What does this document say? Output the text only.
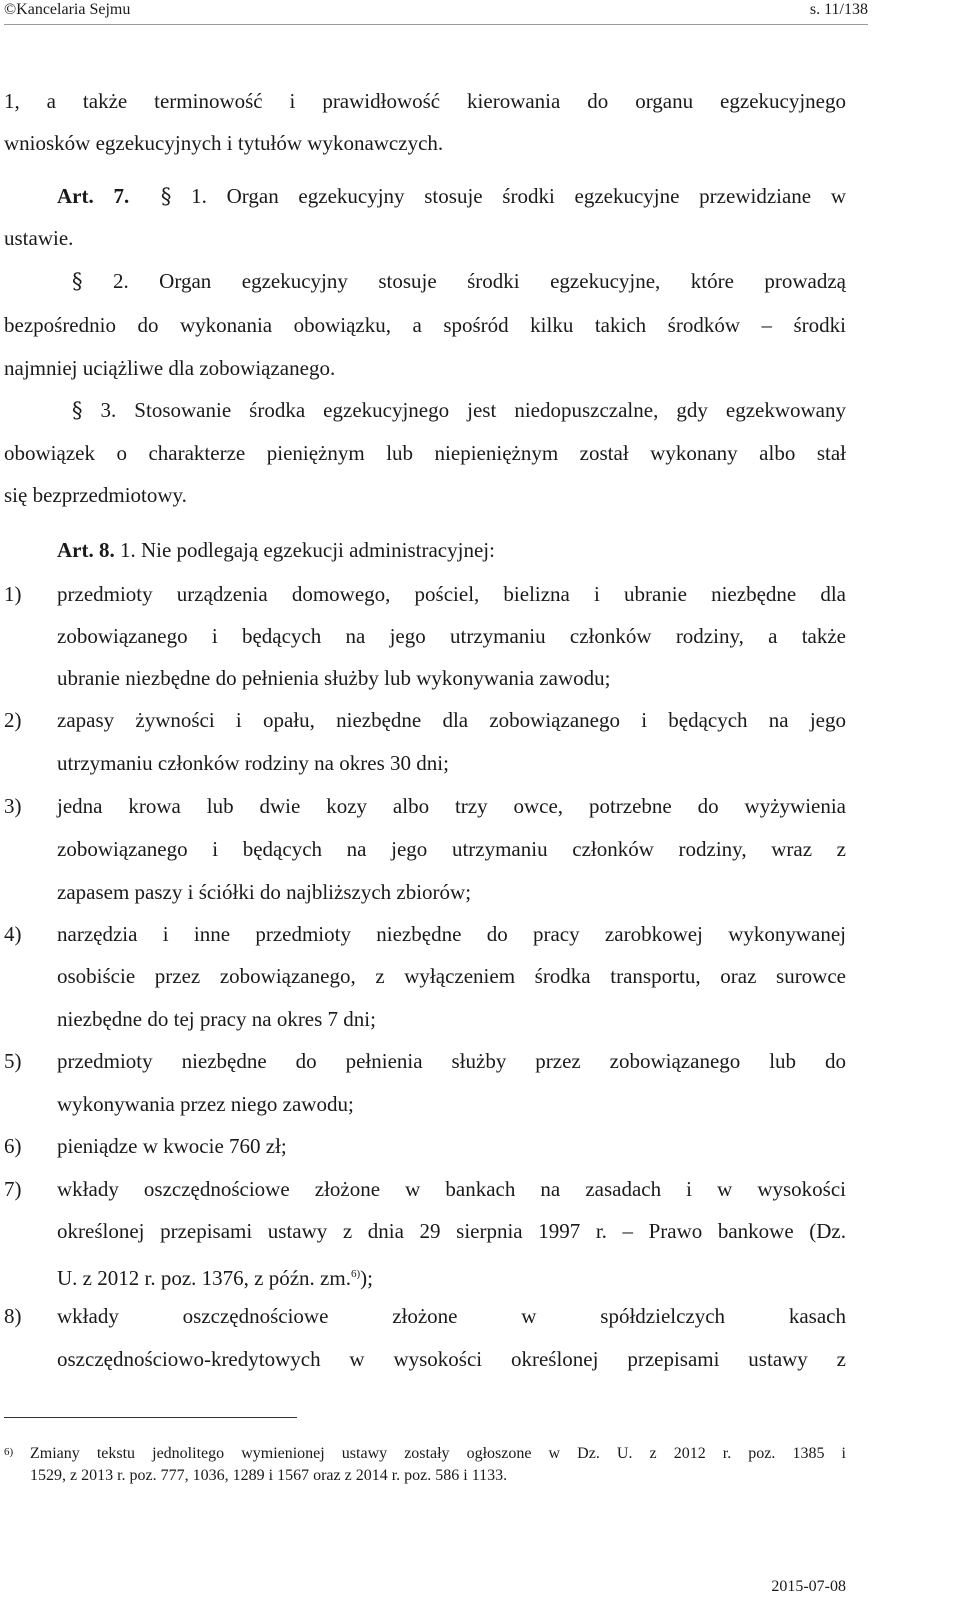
©Kancelaria Sejmu	s. 11/138
1, a także terminowość i prawidłowość kierowania do organu egzekucyjnego
wniosków egzekucyjnych i tytułów wykonawczych.
Art. 7. § 1. Organ egzekucyjny stosuje środki egzekucyjne przewidziane w
ustawie.
§ 2. Organ egzekucyjny stosuje środki egzekucyjne, które prowadzą
bezpośrednio do wykonania obowiązku, a spośród kilku takich środków – środki
najmniej uciążliwe dla zobowiązanego.
§ 3. Stosowanie środka egzekucyjnego jest niedopuszczalne, gdy egzekwowany
obowiązek o charakterze pieniężnym lub niepieniężnym został wykonany albo stał
się bezprzedmiotowy.
Art. 8. 1. Nie podlegają egzekucji administracyjnej:
1) przedmioty urządzenia domowego, pościel, bielizna i ubranie niezbędne dla
zobowiązanego i będących na jego utrzymaniu członków rodziny, a także
ubranie niezbędne do pełnienia służby lub wykonywania zawodu;
2) zapasy żywności i opału, niezbędne dla zobowiązanego i będących na jego
utrzymaniu członków rodziny na okres 30 dni;
3) jedna krowa lub dwie kozy albo trzy owce, potrzebne do wyżywienia
zobowiązanego i będących na jego utrzymaniu członków rodziny, wraz z
zapasem paszy i ściółki do najbliższych zbiorów;
4) narzędzia i inne przedmioty niezbędne do pracy zarobkowej wykonywanej
osobiście przez zobowiązanego, z wyłączeniem środka transportu, oraz surowce
niezbędne do tej pracy na okres 7 dni;
5) przedmioty niezbędne do pełnienia służby przez zobowiązanego lub do
wykonywania przez niego zawodu;
6) pieniądze w kwocie 760 zł;
7) wkłady oszczędnościowe złożone w bankach na zasadach i w wysokości
określonej przepisami ustawy z dnia 29 sierpnia 1997 r. – Prawo bankowe (Dz.
U. z 2012 r. poz. 1376, z późn. zm.$^{6)}$);
8) wkłady oszczędnościowe złożone w spółdzielczych kasach
oszczędnościowo-kredytowych w wysokości określonej przepisami ustawy z
$^{6)}$ Zmiany tekstu jednolitego wymienionej ustawy zostały ogłoszone w Dz. U. z 2012 r. poz. 1385 i
1529, z 2013 r. poz. 777, 1036, 1289 i 1567 oraz z 2014 r. poz. 586 i 1133.
2015-07-08
